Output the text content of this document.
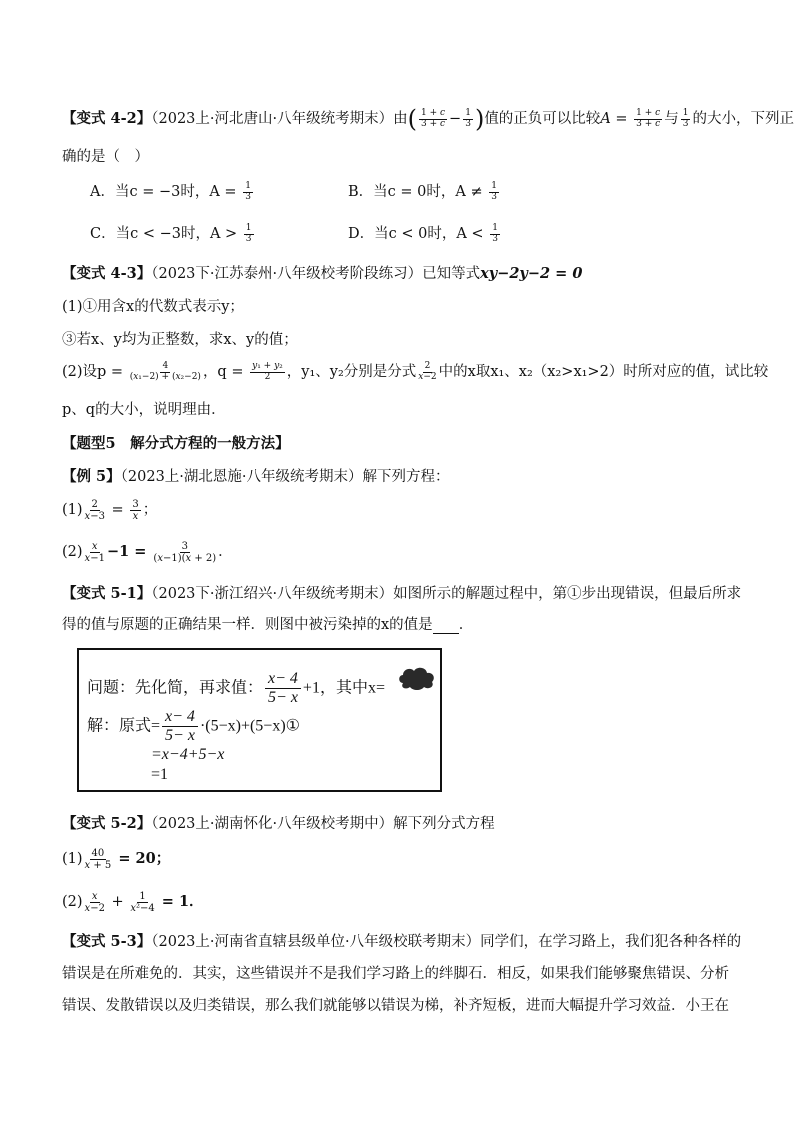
【变式 4-2】（2023上·河北唐山·八年级统考期末）由( $\frac{1 + c}{3 + c} - \frac{1}{3}$ )值的正负可以比较$A = \frac{1 + c}{3 + c}$ 与 $\frac{1}{3}$ 的大小，下列正
确的是（　）
A．当c = −3时，$A = \frac{1}{3}$	B．当c = 0时，$A \ne \frac{1}{3}$
C．当c < −3时，$A > \frac{1}{3}$	D．当c < 0时，$A < \frac{1}{3}$
【变式 4-3】（2023下·江苏泰州·八年级校考阶段练习）已知等式xy−2y−2 = 0
(1)①用含x的代数式表示y；
③若x、y均为正整数，求x、y的值；
(2)设$p = \frac{4}{\text{(x₁−2) + (x₂−2)}}$ ，$q = \frac{\text{y₁ + y₂}}{2}$ ，y₁、y₂分别是分式 $\frac{2}{x-2}$ 中的x取x₁、x₂（x₂>x₁>2）时所对应的值，试比较
p、q的大小，说明理由．
【题型5　解分式方程的一般方法】
【例 5】（2023上·湖北恩施·八年级统考期末）解下列方程：
$(1) \frac{2}{x-3} = \frac{3}{x}$ ；
$(2) \frac{x}{x-1} -1 = \frac{3}{(x-1)(x + 2)}$ ．
【变式 5-1】（2023下·浙江绍兴·八年级统考期末）如图所示的解题过程中，第①步出现错误，但最后所求
得的值与原题的正确结果一样．则图中被污染掉的x的值是 ．
问题：先化简，再求值： $\frac{x- 4}{5- x} +1$，其中x=
解：原式= $\frac{x- 4}{5- x}$ ·(5−x)+(5−x)①
=x−4+5−x
=1
【变式 5-2】（2023上·湖南怀化·八年级校考期中）解下列分式方程
$(1) \frac{40}{x + 5} = 20$；
$(2) \frac{x}{x-2} + \frac{1}{\text{x²−4}} = 1$．
【变式 5-3】（2023上·河南省直辖县级单位·八年级校联考期末）同学们，在学习路上，我们犯各种各样的
错误是在所难免的．其实，这些错误并不是我们学习路上的绊脚石．相反，如果我们能够聚焦错误、分析
错误、发散错误以及归类错误，那么我们就能够以错误为梯，补齐短板，进而大幅提升学习效益．小王在
